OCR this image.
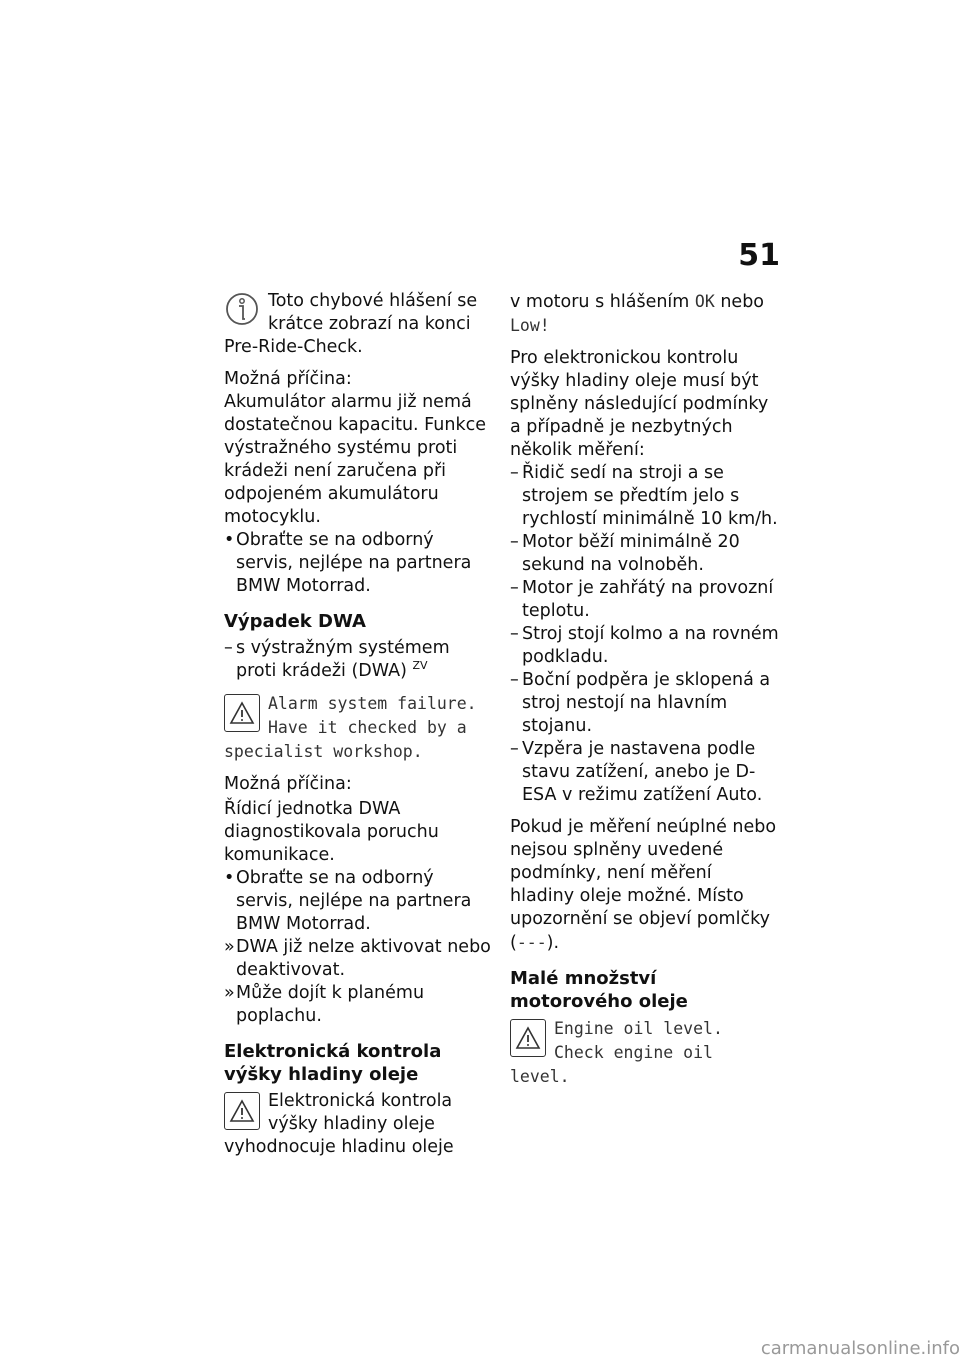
51
Toto chybové hlášení se krátce zobrazí na konci Pre-Ride-Check.

Možná příčina:

Akumulátor alarmu již nemá dostatečnou kapacitu. Funkce výstražného systému proti krádeži není zaručena při odpojeném akumulátoru motocyklu.

• Obraťte se na odborný servis, nejlépe na partnera BMW Motorrad.
Výpadek DWA
– s výstražným systémem proti krádeži (DWA) $^{ZV}$
Alarm system failure. Have it checked by a specialist workshop.

Možná příčina:

Řídicí jednotka DWA diagnostikovala poruchu komunikace.

• Obraťte se na odborný servis, nejlépe na partnera BMW Motorrad.
» DWA již nelze aktivovat nebo deaktivovat.
» Může dojít k planému poplachu.
Elektronická kontrola výšky hladiny oleje
Elektronická kontrola výšky hladiny oleje vyhodnocuje hladinu oleje

v motoru s hlášením OK nebo
Low!

Pro elektronickou kontrolu výšky hladiny oleje musí být splněny následující podmínky a případně je nezbytných několik měření:

– Řidič sedí na stroji a se strojem se předtím jelo s rychlostí minimálně 10 km/h.
– Motor běží minimálně 20 sekund na volnoběh.
– Motor je zahřátý na provozní teplotu.
– Stroj stojí kolmo a na rovném podkladu.
– Boční podpěra je sklopená a stroj nestojí na hlavním stojanu.
– Vzpěra je nastavena podle stavu zatížení, anebo je D-ESA v režimu zatížení Auto.

Pokud je měření neúplné nebo nejsou splněny uvedené podmínky, není měření hladiny oleje možné. Místo upozornění se objeví pomlčky (---).

Malé množství motorového oleje
Engine oil level. Check engine oil level.
carmanualsonline.info
